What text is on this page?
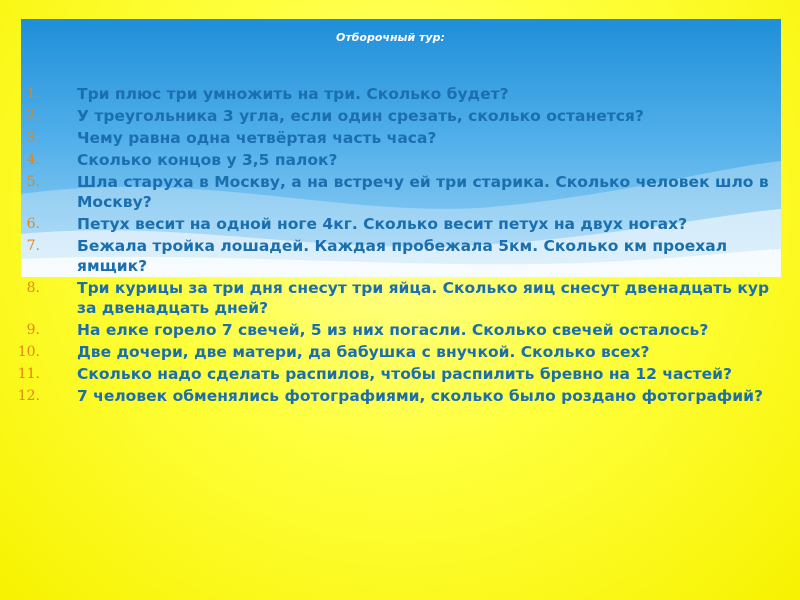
Отборочный тур:
1. Три плюс три умножить на три. Сколько будет?
2. У треугольника 3 угла, если один срезать, сколько останется?
3. Чему равна одна четвёртая часть часа?
4. Сколько концов у 3,5 палок?
5. Шла старуха в Москву, а на встречу ей три старика. Сколько человек шло в Москву?
6. Петух весит на одной ноге 4кг. Сколько весит петух на двух ногах?
7. Бежала тройка лошадей. Каждая пробежала 5км. Сколько км проехал ямщик?
8. Три курицы за три дня снесут три яйца. Сколько яиц снесут двенадцать кур за двенадцать дней?
9. На елке горело 7 свечей, 5 из них погасли. Сколько свечей осталось?
10. Две дочери, две матери, да бабушка с внучкой. Сколько всех?
11. Сколько надо сделать распилов, чтобы распилить бревно на 12 частей?
12. 7 человек обменялись фотографиями, сколько было роздано фотографий?
